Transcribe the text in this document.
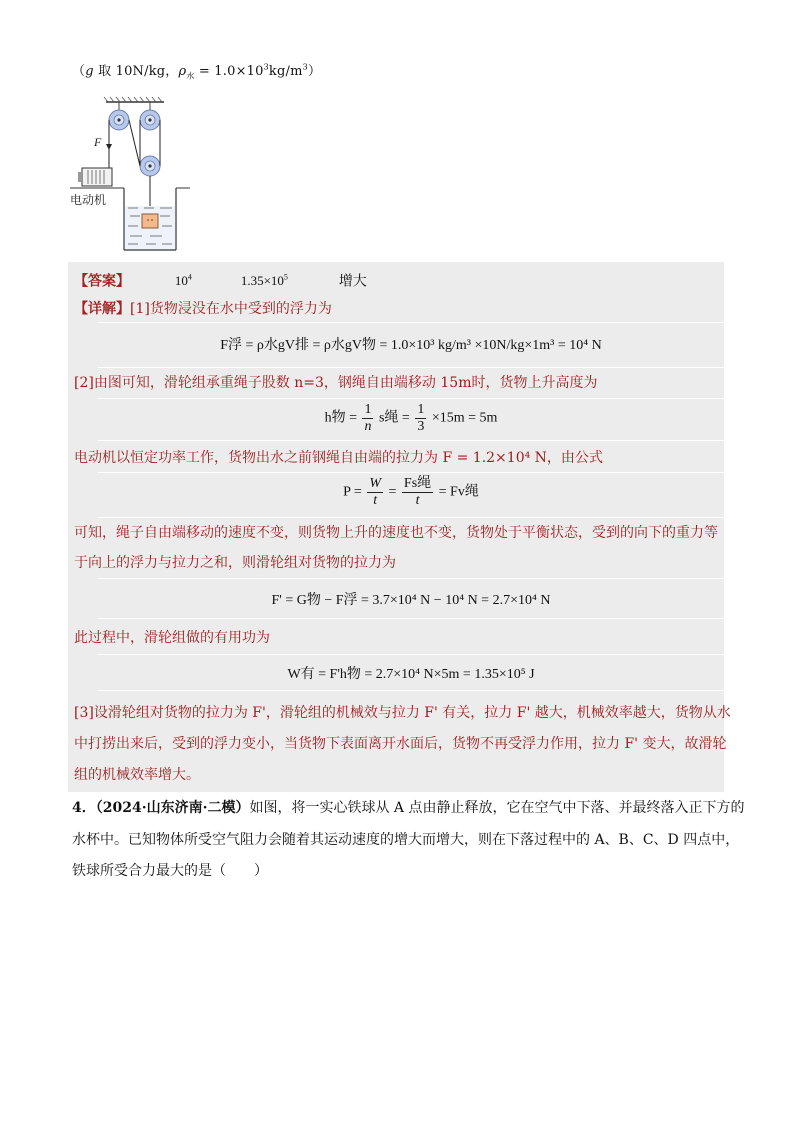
（g 取 10N/kg，$\rho_水 = 1.0\times 10^3kg/m^3$）
F
电动机
【答案】	$10^4$	$1.35\times 10^5$	增大
【详解】[1]货物浸没在水中受到的浮力为
F浮 = ρ水gV排 = ρ水gV物 = 1.0×10³ kg/m³ ×10N/kg×1m³ = 10⁴ N
[2]由图可知，滑轮组承重绳子股数 n=3，钢绳自由端移动 15m时，货物上升高度为
h物 = $\frac{1}{n}$ s绳 = $\frac{1}{3} \times 15m = 5m$
电动机以恒定功率工作，货物出水之前钢绳自由端的拉力为 F = 1.2×10⁴ N，由公式
$P = \frac{W}{t} = \frac{\text{Fs绳}}{t} = Fv$绳
可知，绳子自由端移动的速度不变，则货物上升的速度也不变，货物处于平衡状态，受到的向下的重力等
于向上的浮力与拉力之和，则滑轮组对货物的拉力为
F' = G物 − F浮 = 3.7×10⁴ N − 10⁴ N = 2.7×10⁴ N
此过程中，滑轮组做的有用功为
W有 = F'h物 = 2.7×10⁴ N×5m = 1.35×10⁵ J
[3]设滑轮组对货物的拉力为 F'，滑轮组的机械效与拉力 F' 有关，拉力 F' 越大，机械效率越大，货物从水
中打捞出来后，受到的浮力变小，当货物下表面离开水面后，货物不再受浮力作用，拉力 F' 变大，故滑轮
组的机械效率增大。
4．（2024·山东济南·二模）如图，将一实心铁球从 A 点由静止释放，它在空气中下落、并最终落入正下方的
水杯中。已知物体所受空气阻力会随着其运动速度的增大而增大，则在下落过程中的 A、B、C、D 四点中，
铁球所受合力最大的是（　　）
